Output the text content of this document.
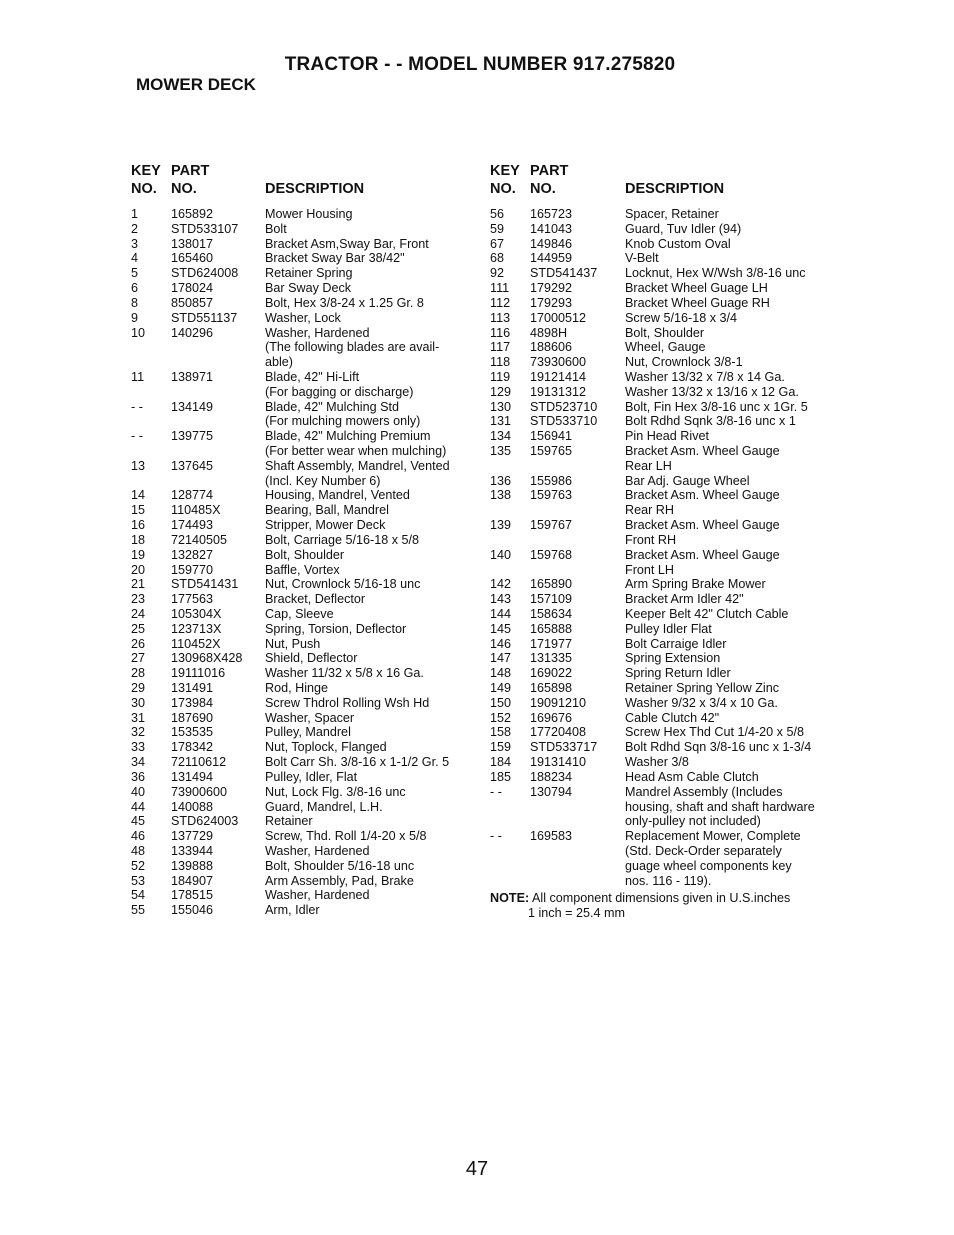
TRACTOR - - MODEL NUMBER 917.275820
MOWER DECK
KEY
NO.
PART
NO.	DESCRIPTION
1	165892	Mower Housing
2	STD533107 Bolt
3	138017	Bracket Asm,Sway Bar, Front
4	165460	Bracket Sway Bar 38/42"
5	STD624008 Retainer Spring
6	178024	Bar Sway Deck
8	850857	Bolt, Hex 3/8-24 x 1.25 Gr. 8
9	STD551137 Washer, Lock
10 140296	Washer, Hardened
(The following blades are avail-
able)
11 138971	Blade, 42" Hi-Lift
(For bagging or discharge)
- - 134149	Blade, 42" Mulching Std
(For mulching mowers only)
- - 139775	Blade, 42" Mulching Premium
(For better wear when mulching)
13 137645	Shaft Assembly, Mandrel, Vented
(Incl. Key Number 6)
14 128774	Housing, Mandrel, Vented
15 110485X	Bearing, Ball, Mandrel
16 174493	Stripper, Mower Deck
18 72140505	Bolt, Carriage 5/16-18 x 5/8
19 132827	Bolt, Shoulder
20 159770	Baffle, Vortex
21 STD541431 Nut, Crownlock 5/16-18 unc
23 177563	Bracket, Deflector
24 105304X	Cap, Sleeve
25 123713X	Spring, Torsion, Deflector
26 110452X	Nut, Push
27 130968X428 Shield, Deflector
28 19111016	Washer 11/32 x 5/8 x 16 Ga.
29 131491	Rod, Hinge
30 173984	Screw Thdrol Rolling Wsh Hd
31 187690	Washer, Spacer
32 153535	Pulley, Mandrel
33 178342	Nut, Toplock, Flanged
34 72110612	Bolt Carr Sh. 3/8-16 x 1-1/2 Gr. 5
36 131494	Pulley, Idler, Flat
40 73900600	Nut, Lock Flg. 3/8-16 unc
44 140088	Guard, Mandrel, L.H.
45 STD624003 Retainer
46 137729	Screw, Thd. Roll 1/4-20 x 5/8
48 133944	Washer, Hardened
52 139888	Bolt, Shoulder 5/16-18 unc
53 184907	Arm Assembly, Pad, Brake
54 178515	Washer, Hardened
55 155046	Arm, Idler
KEY
NO.
PART
NO.	DESCRIPTION
56 165723	Spacer, Retainer
59 141043	Guard, Tuv Idler (94)
67 149846	Knob Custom Oval
68 144959	V-Belt
92 STD541437 Locknut, Hex W/Wsh 3/8-16 unc
111 179292	Bracket Wheel Guage LH
112 179293	Bracket Wheel Guage RH
113 17000512	Screw 5/16-18 x 3/4
116 4898H	Bolt, Shoulder
117 188606	Wheel, Gauge
118 73930600	Nut, Crownlock 3/8-1
119 19121414	Washer 13/32 x 7/8 x 14 Ga.
129 19131312	Washer 13/32 x 13/16 x 12 Ga.
130 STD523710 Bolt, Fin Hex 3/8-16 unc x 1Gr. 5
131 STD533710 Bolt Rdhd Sqnk 3/8-16 unc x 1
134 156941	Pin Head Rivet
135 159765	Bracket Asm. Wheel Gauge
Rear LH
136 155986	Bar Adj. Gauge Wheel
138 159763	Bracket Asm. Wheel Gauge
Rear RH
139 159767	Bracket Asm. Wheel Gauge
Front RH
140 159768	Bracket Asm. Wheel Gauge
Front LH
142 165890	Arm Spring Brake Mower
143 157109	Bracket Arm Idler 42"
144 158634	Keeper Belt 42" Clutch Cable
145 165888	Pulley Idler Flat
146 171977	Bolt Carraige Idler
147 131335	Spring Extension
148 169022	Spring Return Idler
149 165898	Retainer Spring Yellow Zinc
150 19091210	Washer 9/32 x 3/4 x 10 Ga.
152 169676	Cable Clutch 42"
158 17720408	Screw Hex Thd Cut 1/4-20 x 5/8
159 STD533717 Bolt Rdhd Sqn 3/8-16 unc x 1-3/4
184 19131410	Washer 3/8
185 188234	Head Asm Cable Clutch
- - 130794	Mandrel Assembly (Includes
housing, shaft and shaft hardware
only-pulley not included)
- - 169583	Replacement Mower, Complete
(Std. Deck-Order separately
guage wheel components key
nos. 116 - 119).
NOTE: All component dimensions given in U.S.inches
1 inch = 25.4 mm
47
